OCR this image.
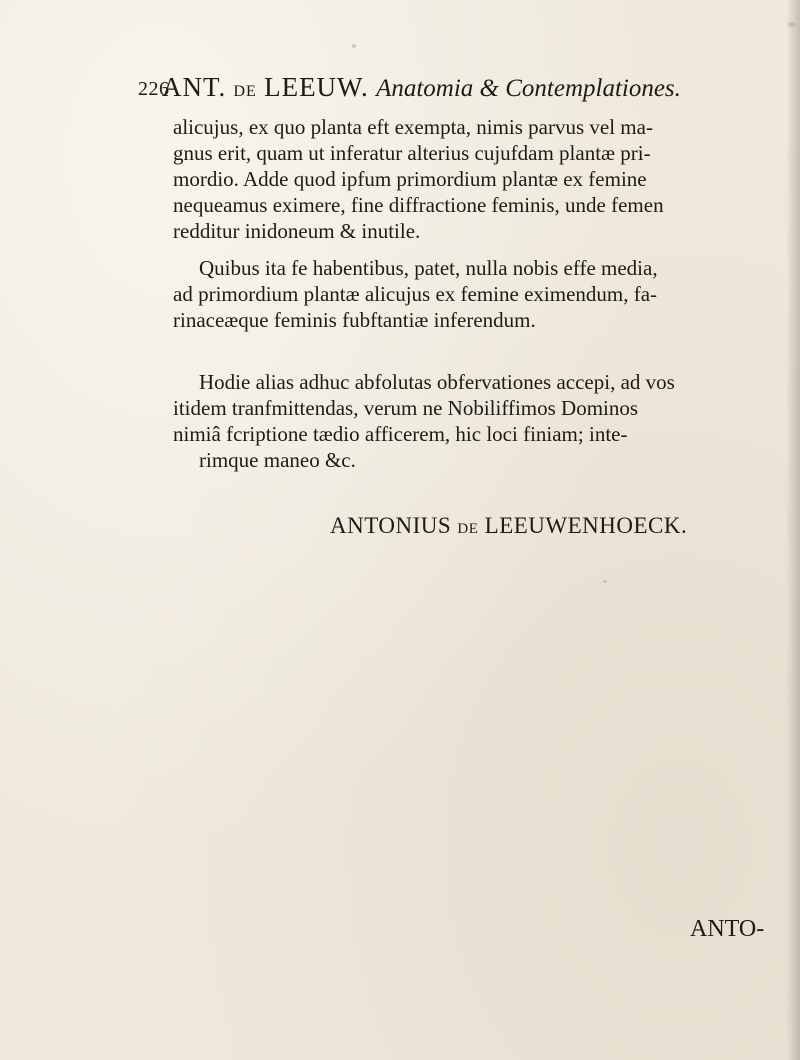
226
ANT. DE LEEUW. Anatomia & Contemplationes.
alicujus, ex quo planta eft exempta, nimis parvus vel ma-
gnus erit, quam ut inferatur alterius cujufdam plantæ pri-
mordio. Adde quod ipfum primordium plantæ ex femine
nequeamus eximere, fine diffractione feminis, unde femen
redditur inidoneum & inutile.
Quibus ita fe habentibus, patet, nulla nobis effe media,
ad primordium plantæ alicujus ex femine eximendum, fa-
rinaceæque feminis fubftantiæ inferendum.
Hodie alias adhuc abfolutas obfervationes accepi, ad vos
itidem tranfmittendas, verum ne Nobiliffimos Dominos
nimiâ fcriptione tædio afficerem, hic loci finiam; inte-
rimque maneo &c.
ANTONIUS DE LEEUWENHOECK.
ANTO-
